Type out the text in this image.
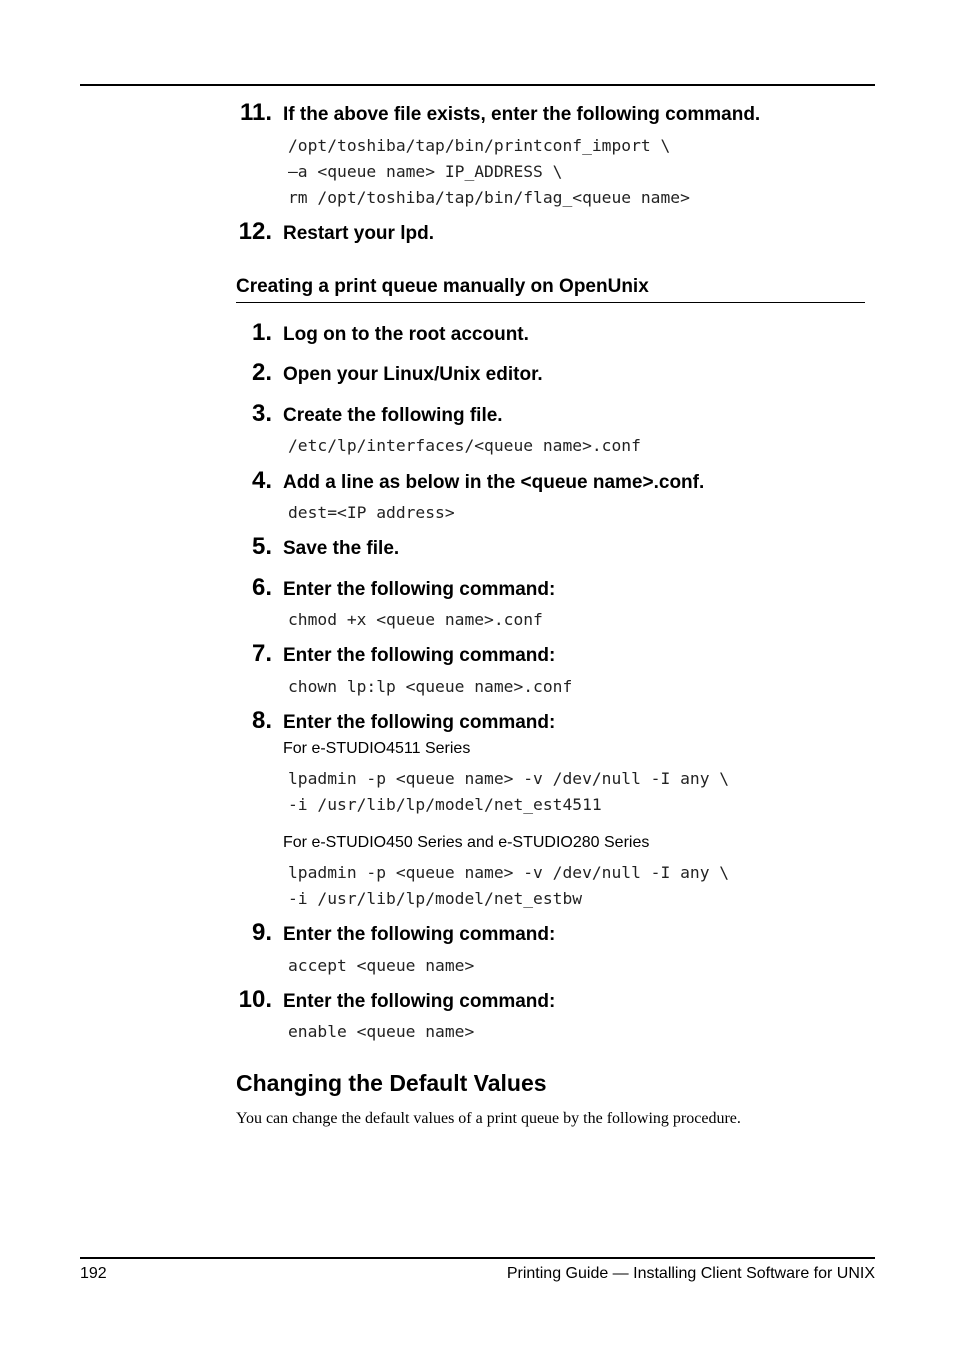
11. If the above file exists, enter the following command.
/opt/toshiba/tap/bin/printconf_import \
–a <queue name> IP_ADDRESS \
rm /opt/toshiba/tap/bin/flag_<queue name>
12. Restart your lpd.
Creating a print queue manually on OpenUnix
1. Log on to the root account.
2. Open your Linux/Unix editor.
3. Create the following file.
/etc/lp/interfaces/<queue name>.conf
4. Add a line as below in the <queue name>.conf.
dest=<IP address>
5. Save the file.
6. Enter the following command:
chmod +x <queue name>.conf
7. Enter the following command:
chown lp:lp <queue name>.conf
8. Enter the following command:
For e-STUDIO4511 Series
lpadmin -p <queue name> -v /dev/null -I any \
-i /usr/lib/lp/model/net_est4511
For e-STUDIO450 Series and e-STUDIO280 Series
lpadmin -p <queue name> -v /dev/null -I any \
-i /usr/lib/lp/model/net_estbw
9. Enter the following command:
accept <queue name>
10. Enter the following command:
enable <queue name>
Changing the Default Values
You can change the default values of a print queue by the following procedure.
192	Printing Guide — Installing Client Software for UNIX
